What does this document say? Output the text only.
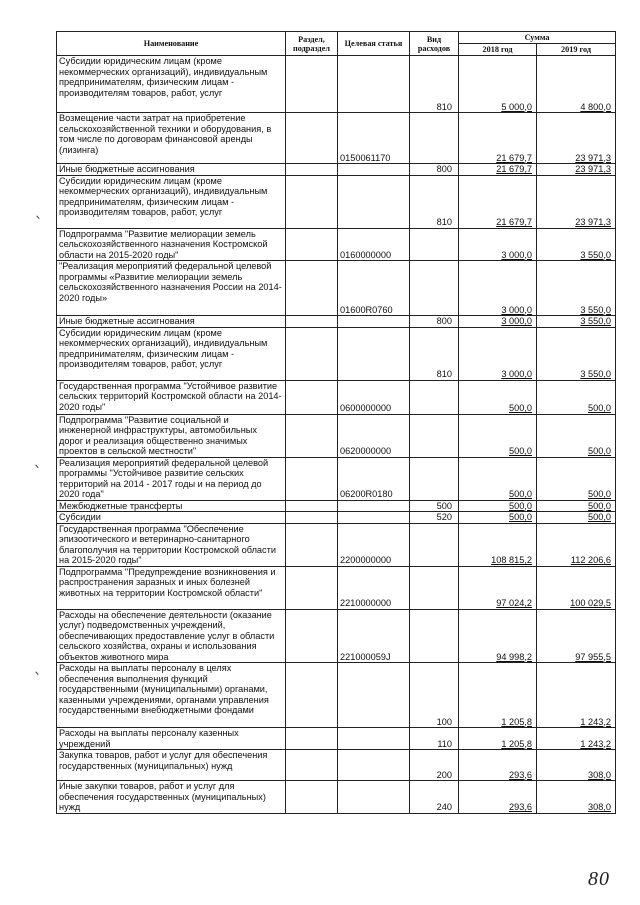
Наименование	Раздел, подраздел	Целевая статья	Вид расходов	Сумма	
				2018 год	2019 год
Субсидии юридическим лицам (кроме некоммерческих организаций), индивидуальным предпринимателям, физическим лицам - производителям товаров, работ, услуг			810	5 000,0	4 800,0
Возмещение части затрат на приобретение сельскохозяйственной техники и оборудования, в том числе по договорам финансовой аренды (лизинга)		0150061170		21 679,7	23 971,3
Иные бюджетные ассигнования			800	21 679,7	23 971,3
Субсидии юридическим лицам (кроме некоммерческих организаций), индивидуальным предпринимателям, физическим лицам - производителям товаров, работ, услуг			810	21 679,7	23 971,3
Подпрограмма "Развитие мелиорации земель сельскохозяйственного назначения Костромской области на 2015-2020 годы"		0160000000		3 000,0	3 550,0
"Реализация мероприятий федеральной целевой программы «Развитие мелиорации земель сельскохозяйственного назначения России на 2014-2020 годы»		01600R0760		3 000,0	3 550,0
Иные бюджетные ассигнования			800	3 000,0	3 550,0
Субсидии юридическим лицам (кроме некоммерческих организаций), индивидуальным предпринимателям, физическим лицам - производителям товаров, работ, услуг			810	3 000,0	3 550,0
Государственная программа "Устойчивое развитие сельских территорий Костромской области на 2014-2020 годы"		0600000000		500,0	500,0
Подпрограмма "Развитие социальной и инженерной инфраструктуры, автомобильных дорог и реализация общественно значимых проектов в сельской местности"		0620000000		500,0	500,0
Реализация мероприятий федеральной целевой программы "Устойчивое развитие сельских территорий на 2014 - 2017 годы и на период до 2020 года"		06200R0180		500,0	500,0
Межбюджетные трансферты			500	500,0	500,0
Субсидии			520	500,0	500,0
Государственная программа "Обеспечение эпизоотического и ветеринарно-санитарного благополучия на территории Костромской области на 2015-2020 годы"		2200000000		108 815,2	112 206,6
Подпрограмма "Предупреждение возникновения и распространения заразных и иных болезней животных на территории Костромской области"		2210000000		97 024,2	100 029,5
Расходы на обеспечение деятельности (оказание услуг) подведомственных учреждений, обеспечивающих предоставление услуг в области сельского хозяйства, охраны и использования объектов животного мира		221000059J		94 998,2	97 955,5
Расходы на выплаты персоналу в целях обеспечения выполнения функций государственными (муниципальными) органами, казенными учреждениями, органами управления государственными внебюджетными фондами			100	1 205,8	1 243,2
Расходы на выплаты персоналу казенных учреждений			110	1 205,8	1 243,2
Закупка товаров, работ и услуг для обеспечения государственных (муниципальных) нужд			200	293,6	308,0
Иные закупки товаров, работ и услуг для обеспечения государственных (муниципальных) нужд			240	293,6	308,0
80
